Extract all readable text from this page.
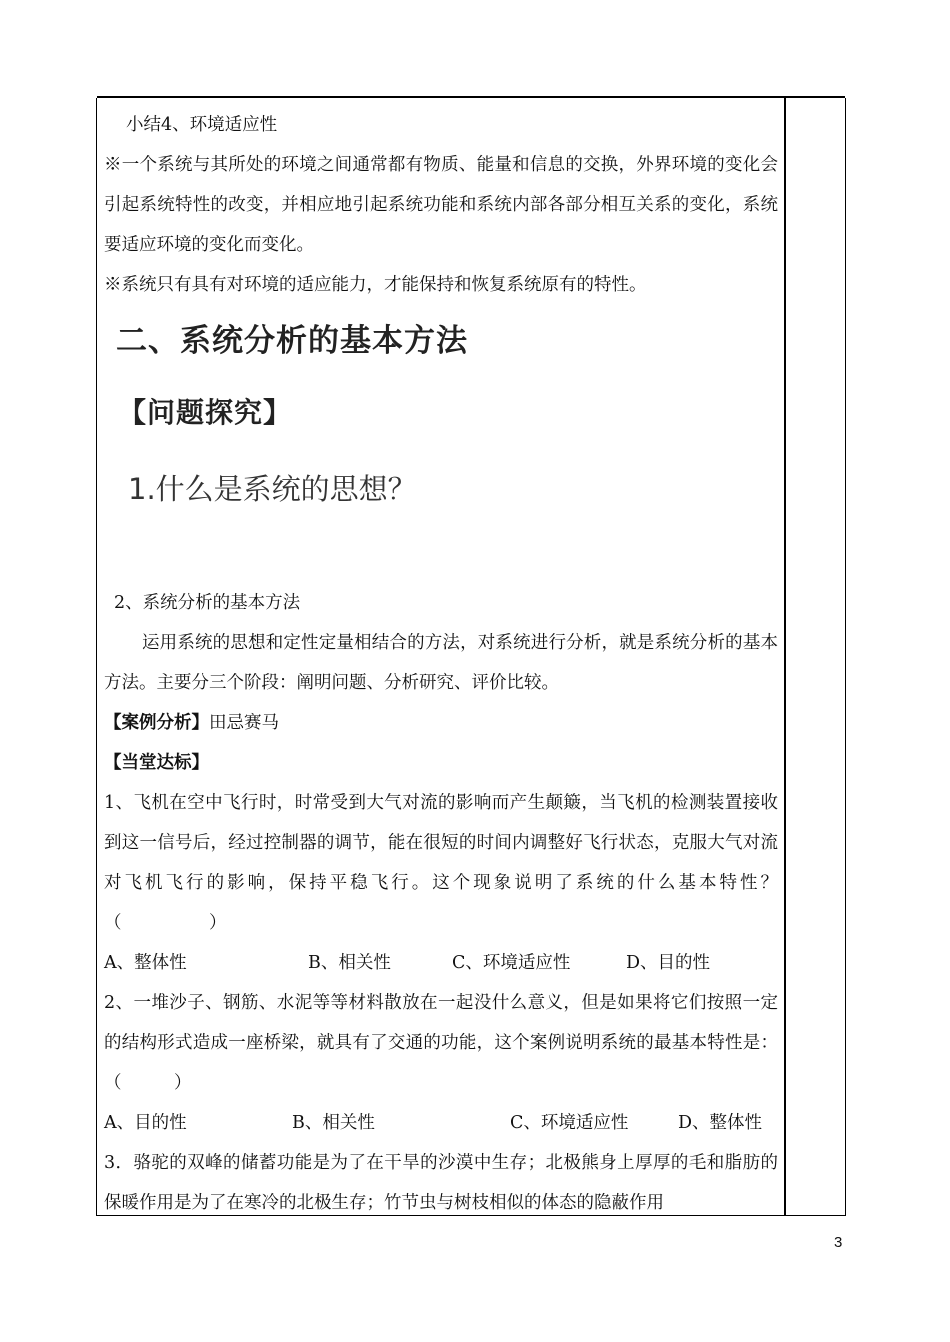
小结4、环境适应性
※一个系统与其所处的环境之间通常都有物质、能量和信息的交换，外界环境的变化会引起系统特性的改变，并相应地引起系统功能和系统内部各部分相互关系的变化，系统要适应环境的变化而变化。
※系统只有具有对环境的适应能力，才能保持和恢复系统原有的特性。
二、系统分析的基本方法
【问题探究】
1.什么是系统的思想？
2、系统分析的基本方法
运用系统的思想和定性定量相结合的方法，对系统进行分析，就是系统分析的基本方法。主要分三个阶段：阐明问题、分析研究、评价比较。
【案例分析】田忌赛马
【当堂达标】
1、飞机在空中飞行时，时常受到大气对流的影响而产生颠簸，当飞机的检测装置接收到这一信号后，经过控制器的调节，能在很短的时间内调整好飞行状态，克服大气对流对飞机飞行的影响，保持平稳飞行。这个现象说明了系统的什么基本特性？（　　　　　）
A、整体性	B、相关性	C、环境适应性	D、目的性
2、一堆沙子、钢筋、水泥等等材料散放在一起没什么意义，但是如果将它们按照一定的结构形式造成一座桥梁，就具有了交通的功能，这个案例说明系统的最基本特性是：（　　　）
A、目的性	B、相关性	C、环境适应性	D、整体性
3．骆驼的双峰的储蓄功能是为了在干旱的沙漠中生存；北极熊身上厚厚的毛和脂肪的保暖作用是为了在寒冷的北极生存；竹节虫与树枝相似的体态的隐蔽作用
3
